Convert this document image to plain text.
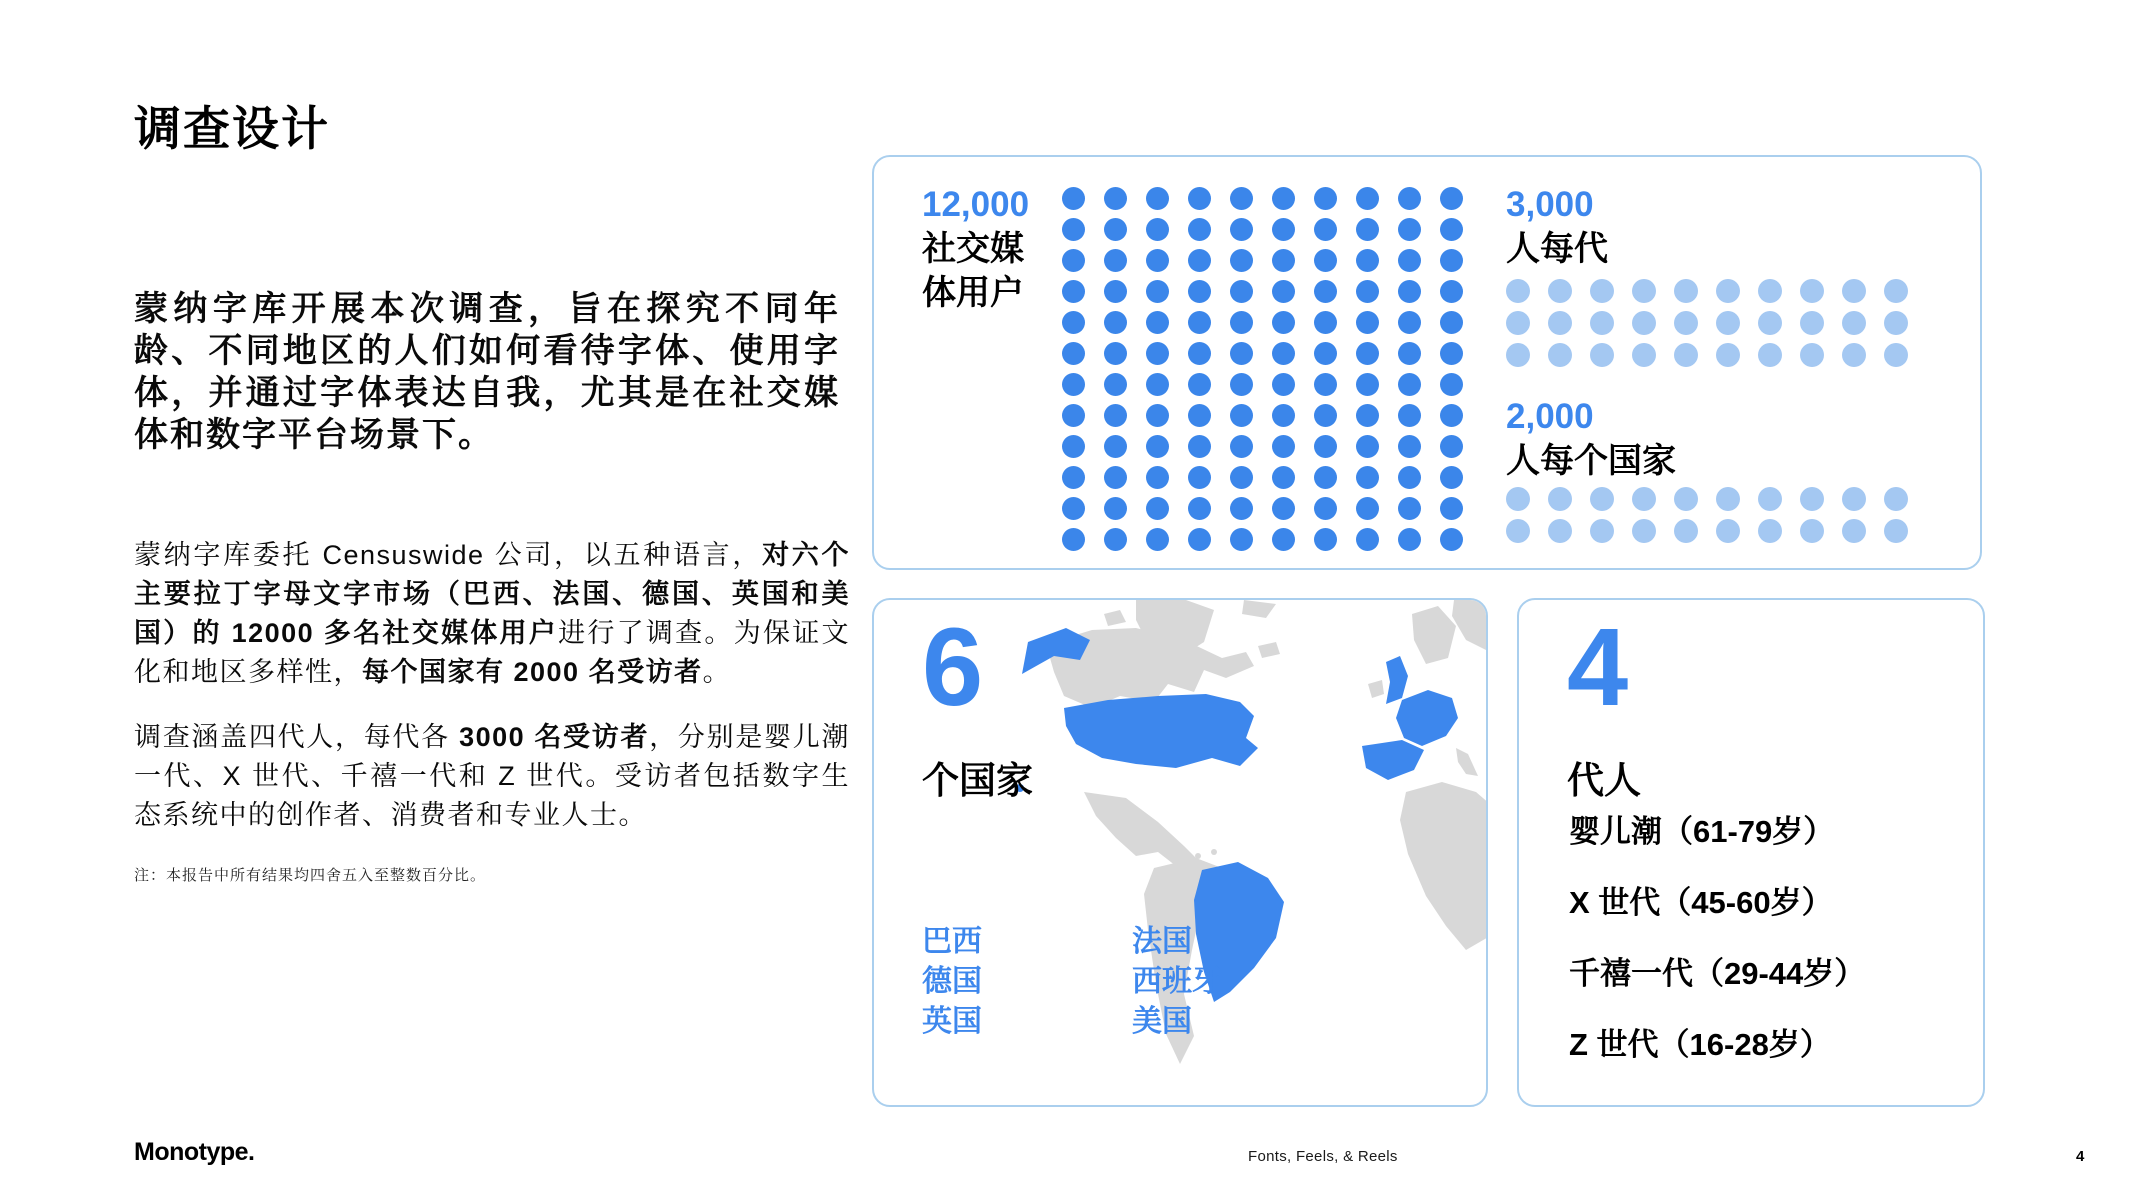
调查设计

蒙纳字库开展本次调查，旨在探究不同年龄、不同地区的人们如何看待字体、使用字体，并通过字体表达自我，尤其是在社交媒体和数字平台场景下。

蒙纳字库委托 Censuswide 公司，以五种语言，对六个主要拉丁字母文字市场（巴西、法国、德国、英国和美国）的 12000 多名社交媒体用户进行了调查。为保证文化和地区多样性，每个国家有 2000 名受访者。

调查涵盖四代人，每代各 3000 名受访者，分别是婴儿潮一代、X 世代、千禧一代和 Z 世代。受访者包括数字生态系统中的创作者、消费者和专业人士。

注：本报告中所有结果均四舍五入至整数百分比。

12,000
社交媒体用户
3,000
人每代
2,000
人每个国家
6
个国家
巴西
德国
英国
法国
西班牙
美国
4
代人
婴儿潮（61-79岁）
X 世代（45-60岁）
千禧一代（29-44岁）
Z 世代（16-28岁）
Monotype.	Fonts, Feels, & Reels	4
